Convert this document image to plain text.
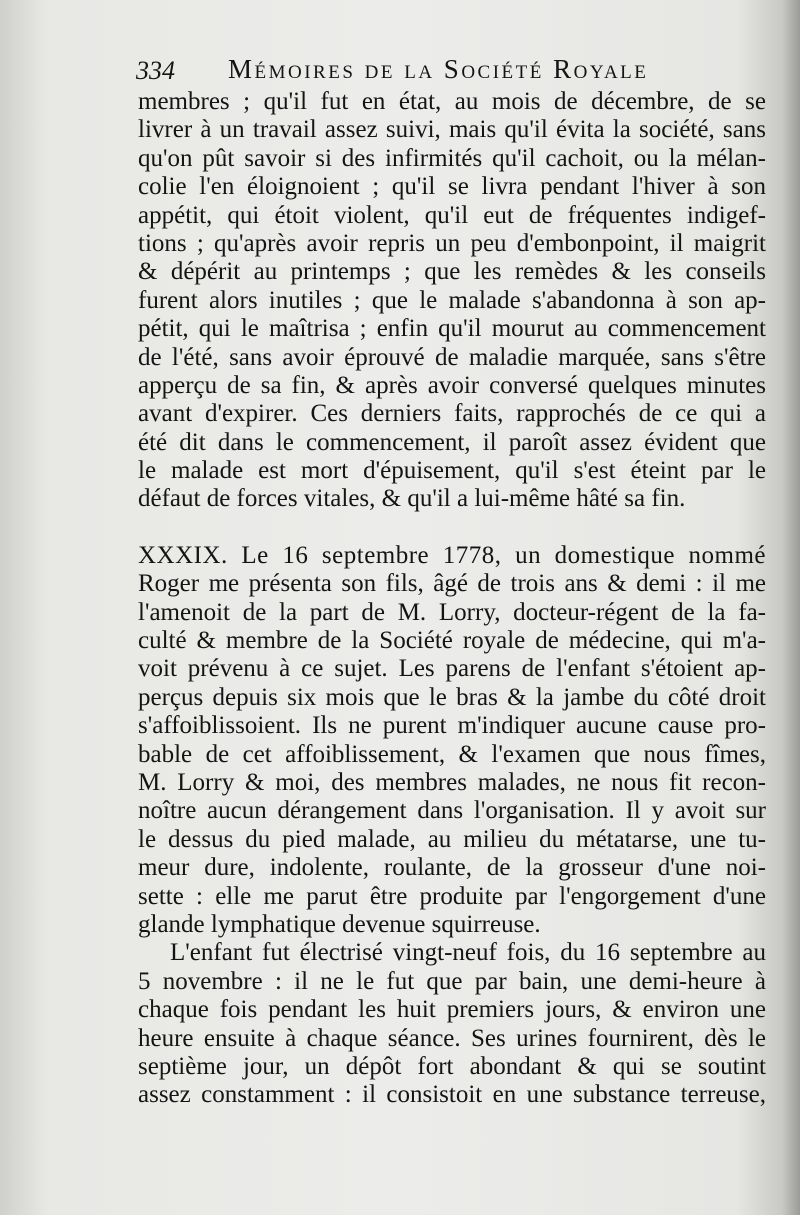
334 Mémoires de la Société Royale
membres ; qu'il fut en état, au mois de décembre, de se
livrer à un travail assez suivi, mais qu'il évita la société, sans
qu'on pût savoir si des infirmités qu'il cachoit, ou la mélan-
colie l'en éloignoient ; qu'il se livra pendant l'hiver à son
appétit, qui étoit violent, qu'il eut de fréquentes indigef-
tions ; qu'après avoir repris un peu d'embonpoint, il maigrit
& dépérit au printemps ; que les remèdes & les conseils
furent alors inutiles ; que le malade s'abandonna à son ap-
pétit, qui le maîtrisa ; enfin qu'il mourut au commencement
de l'été, sans avoir éprouvé de maladie marquée, sans s'être
apperçu de sa fin, & après avoir conversé quelques minutes
avant d'expirer. Ces derniers faits, rapprochés de ce qui a
été dit dans le commencement, il paroît assez évident que
le malade est mort d'épuisement, qu'il s'est éteint par le
défaut de forces vitales, & qu'il a lui-même hâté sa fin.
XXXIX. Le 16 septembre 1778, un domestique nommé
Roger me présenta son fils, âgé de trois ans & demi : il me
l'amenoit de la part de M. Lorry, docteur-régent de la fa-
culté & membre de la Société royale de médecine, qui m'a-
voit prévenu à ce sujet. Les parens de l'enfant s'étoient ap-
perçus depuis six mois que le bras & la jambe du côté droit
s'affoiblissoient. Ils ne purent m'indiquer aucune cause pro-
bable de cet affoiblissement, & l'examen que nous fîmes,
M. Lorry & moi, des membres malades, ne nous fit recon-
noître aucun dérangement dans l'organisation. Il y avoit sur
le dessus du pied malade, au milieu du métatarse, une tu-
meur dure, indolente, roulante, de la grosseur d'une noi-
sette : elle me parut être produite par l'engorgement d'une
glande lymphatique devenue squirreuse.
L'enfant fut électrisé vingt-neuf fois, du 16 septembre au
5 novembre : il ne le fut que par bain, une demi-heure à
chaque fois pendant les huit premiers jours, & environ une
heure ensuite à chaque séance. Ses urines fournirent, dès le
septième jour, un dépôt fort abondant & qui se soutint
assez constamment : il consistoit en une substance terreuse,
